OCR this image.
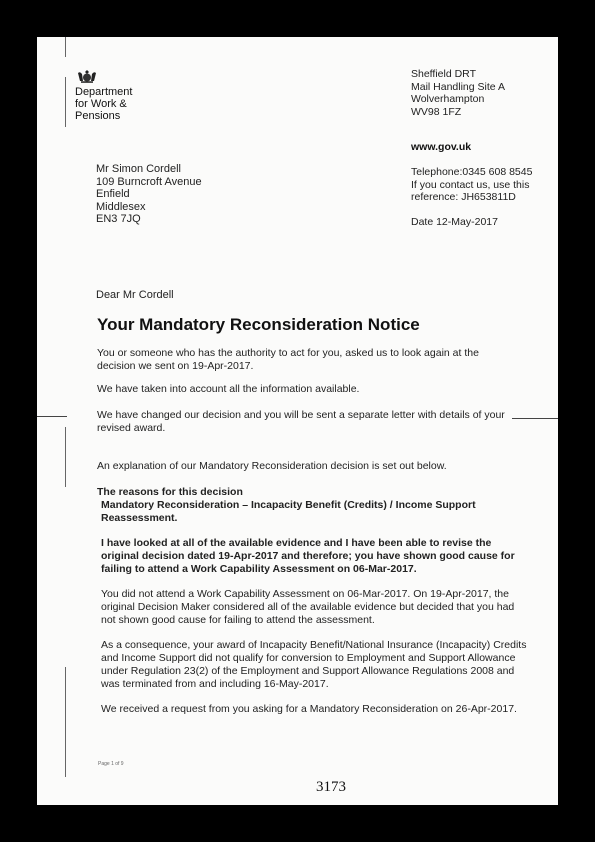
Department
for Work &
Pensions
Sheffield DRT
Mail Handling Site A
Wolverhampton
WV98 1FZ
www.gov.uk
Telephone:0345 608 8545
If you contact us, use this
reference: JH653811D
Date 12-May-2017
Mr Simon Cordell
109 Burncroft Avenue
Enfield
Middlesex
EN3 7JQ
Dear Mr Cordell
Your Mandatory Reconsideration Notice

You or someone who has the authority to act for you, asked us to look again at the decision we sent on 19-Apr-2017.

We have taken into account all the information available.

We have changed our decision and you will be sent a separate letter with details of your revised award.

An explanation of our Mandatory Reconsideration decision is set out below.

The reasons for this decision

Mandatory Reconsideration – Incapacity Benefit (Credits) / Income Support Reassessment.

I have looked at all of the available evidence and I have been able to revise the original decision dated 19-Apr-2017 and therefore; you have shown good cause for failing to attend a Work Capability Assessment on 06-Mar-2017.

You did not attend a Work Capability Assessment on 06-Mar-2017. On 19-Apr-2017, the original Decision Maker considered all of the available evidence but decided that you had not shown good cause for failing to attend the assessment.

As a consequence, your award of Incapacity Benefit/National Insurance (Incapacity) Credits and Income Support did not qualify for conversion to Employment and Support Allowance under Regulation 23(2) of the Employment and Support Allowance Regulations 2008 and was terminated from and including 16-May-2017.

We received a request from you asking for a Mandatory Reconsideration on 26-Apr-2017.

Page 1 of 9
3173
